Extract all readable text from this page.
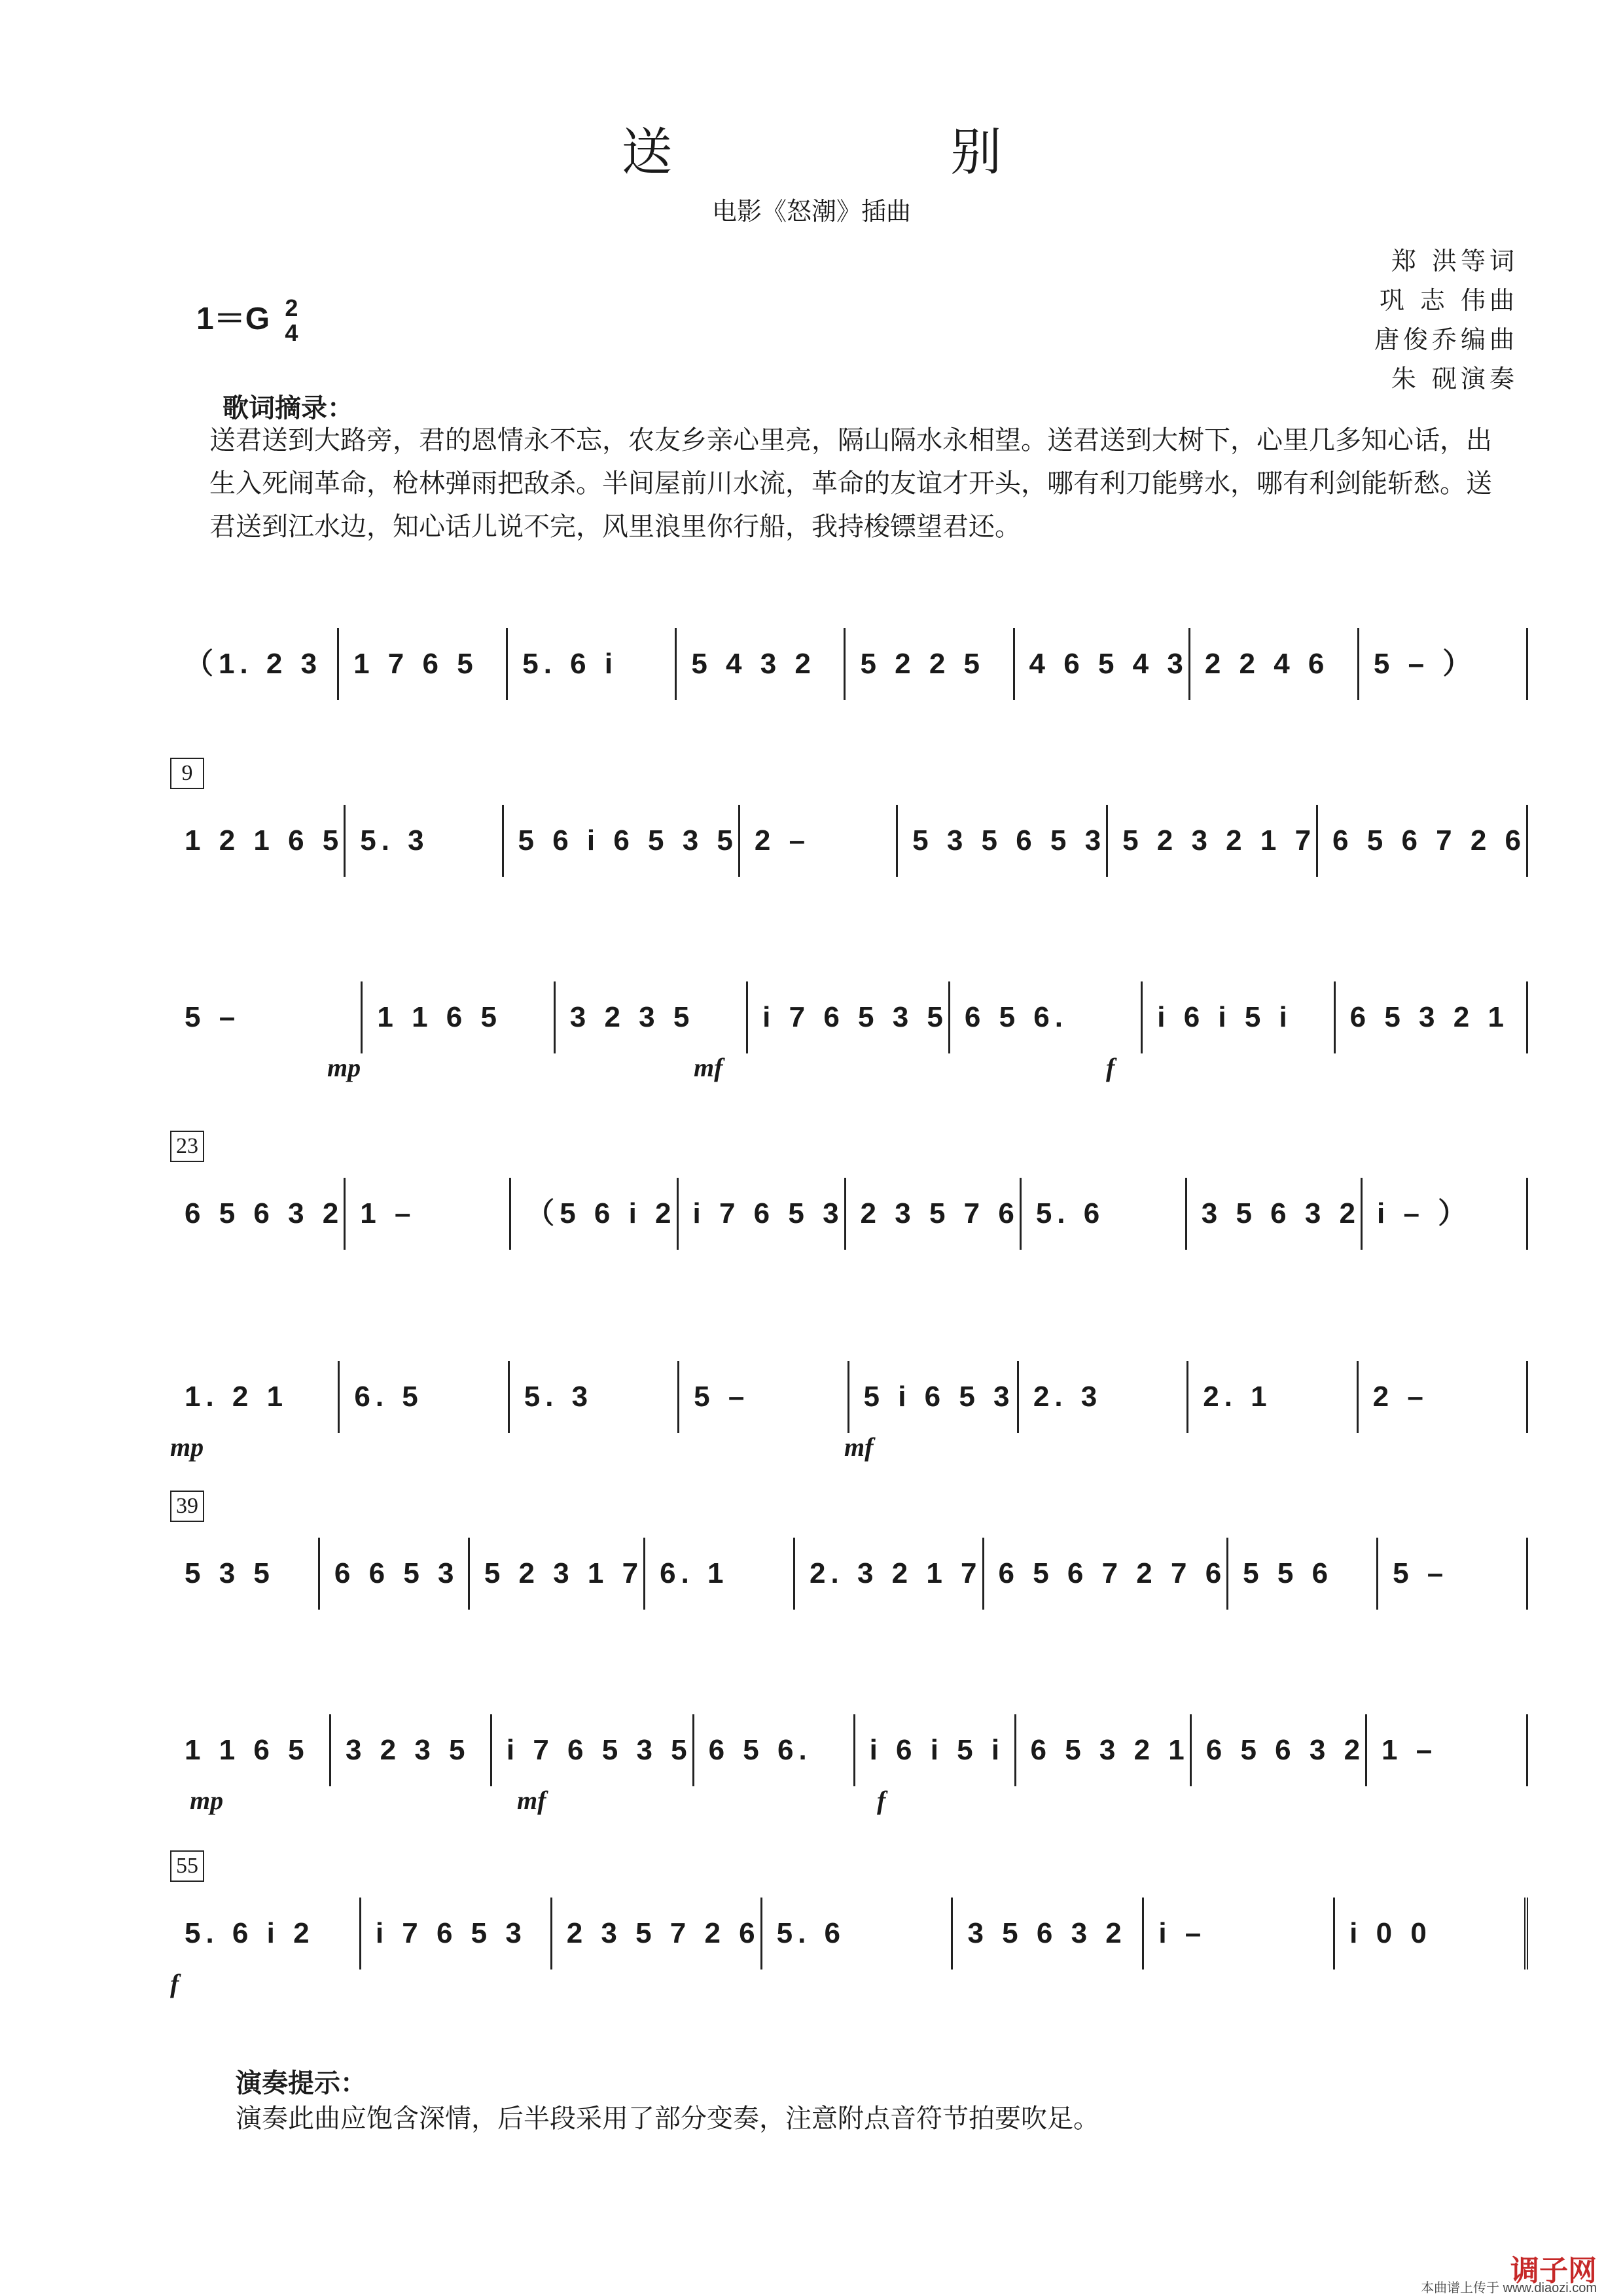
送 别
电影《怒潮》插曲
郑 洪等词
巩 志 伟曲
唐俊乔编曲
朱 砚演奏
1＝G 2
4
歌词摘录：
送君送到大路旁，君的恩情永不忘，农友乡亲心里亮，隔山隔水永相望。送君送到大树下，心里几多知心话，出生入死闹革命，枪林弹雨把敌杀。半间屋前川水流，革命的友谊才开头，哪有利刀能劈水，哪有利剑能斩愁。送君送到江水边，知心话儿说不完，风里浪里你行船，我持梭镖望君还。
（1. 2 3	1 7 6 5	5. 6 i	5 4 3 2	5 2 2 5	4 6 5 4 3 2 2 4 6	5 – ）
9
1 2 1 6 5 5. 3	5 6 i 6 5 3 5 2 –	5 3 5 6 5 3 5 2 3 2 1 7 6 5 6 7 2 6
5 –	1 1 6 5	3 2 3 5	i 7 6 5 3 5 6 5 6.	i 6 i 5 i	6 5 3 2 1
mp	mf	f
23
6 5 6 3 2 1 –	（5 6 i 2 i 7 6 5 3 2 3 5 7 6 5. 6	3 5 6 3 2 i – ）
1. 2 1	6. 5	5. 3	5 –	5 i 6 5 3 2. 3	2. 1	2 –
mp	mf
39
5 3 5	6 6 5 3 5 2 3 1 7 6. 1	2. 3 2 1 7 6 5 6 7 2 7 6 5 5 6	5 –
1 1 6 5	3 2 3 5	i 7 6 5 3 5 6 5 6.	i 6 i 5 i 6 5 3 2 1 6 5 6 3 2 1 –
mp	mf	f
55
5. 6 i 2	i 7 6 5 3	2 3 5 7 2 6 5. 6	3 5 6 3 2	i –	i 0 0
f
演奏提示：
演奏此曲应饱含深情，后半段采用了部分变奏，注意附点音符节拍要吹足。
调子网
本曲谱上传于 www.diaozi.com
